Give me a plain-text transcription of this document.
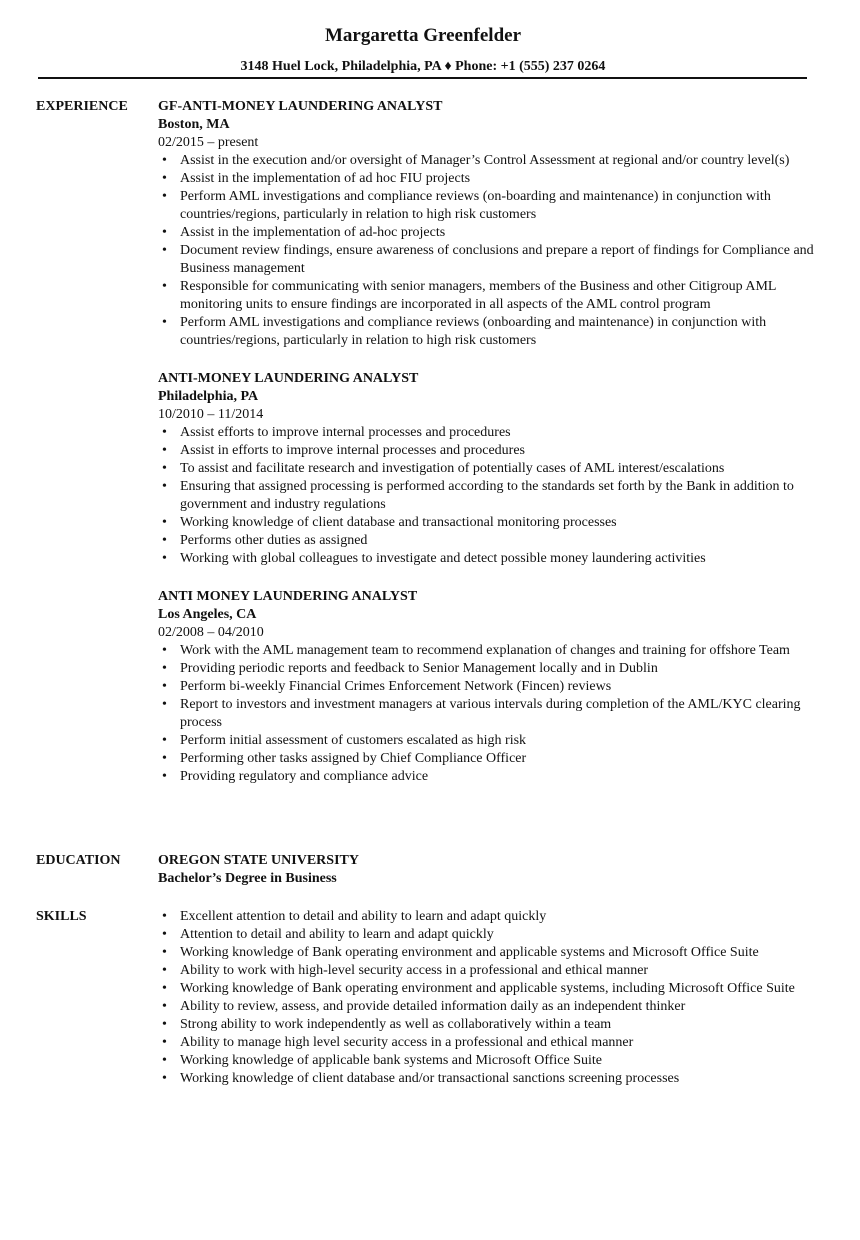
Margaretta Greenfelder
3148 Huel Lock, Philadelphia, PA ♦ Phone: +1 (555) 237 0264
EXPERIENCE GF-ANTI-MONEY LAUNDERING ANALYST
Boston, MA
02/2015 – present
• Assist in the execution and/or oversight of Manager’s Control Assessment at regional and/or country level(s)
• Assist in the implementation of ad hoc FIU projects
• Perform AML investigations and compliance reviews (on-boarding and maintenance) in conjunction with countries/regions, particularly in relation to high risk customers
• Assist in the implementation of ad-hoc projects
• Document review findings, ensure awareness of conclusions and prepare a report of findings for Compliance and Business management
• Responsible for communicating with senior managers, members of the Business and other Citigroup AML monitoring units to ensure findings are incorporated in all aspects of the AML control program
• Perform AML investigations and compliance reviews (onboarding and maintenance) in conjunction with countries/regions, particularly in relation to high risk customers
ANTI-MONEY LAUNDERING ANALYST
Philadelphia, PA
10/2010 – 11/2014
• Assist efforts to improve internal processes and procedures
• Assist in efforts to improve internal processes and procedures
• To assist and facilitate research and investigation of potentially cases of AML interest/escalations
• Ensuring that assigned processing is performed according to the standards set forth by the Bank in addition to government and industry regulations
• Working knowledge of client database and transactional monitoring processes
• Performs other duties as assigned
• Working with global colleagues to investigate and detect possible money laundering activities
ANTI MONEY LAUNDERING ANALYST
Los Angeles, CA
02/2008 – 04/2010
• Work with the AML management team to recommend explanation of changes and training for offshore Team
• Providing periodic reports and feedback to Senior Management locally and in Dublin
• Perform bi-weekly Financial Crimes Enforcement Network (Fincen) reviews
• Report to investors and investment managers at various intervals during completion of the AML/KYC clearing process
• Perform initial assessment of customers escalated as high risk
• Performing other tasks assigned by Chief Compliance Officer
• Providing regulatory and compliance advice
EDUCATION	OREGON STATE UNIVERSITY
Bachelor’s Degree in Business
SKILLS	• Excellent attention to detail and ability to learn and adapt quickly
• Attention to detail and ability to learn and adapt quickly
• Working knowledge of Bank operating environment and applicable systems and Microsoft Office Suite
• Ability to work with high-level security access in a professional and ethical manner
• Working knowledge of Bank operating environment and applicable systems, including Microsoft Office Suite
• Ability to review, assess, and provide detailed information daily as an independent thinker
• Strong ability to work independently as well as collaboratively within a team
• Ability to manage high level security access in a professional and ethical manner
• Working knowledge of applicable bank systems and Microsoft Office Suite
• Working knowledge of client database and/or transactional sanctions screening processes
